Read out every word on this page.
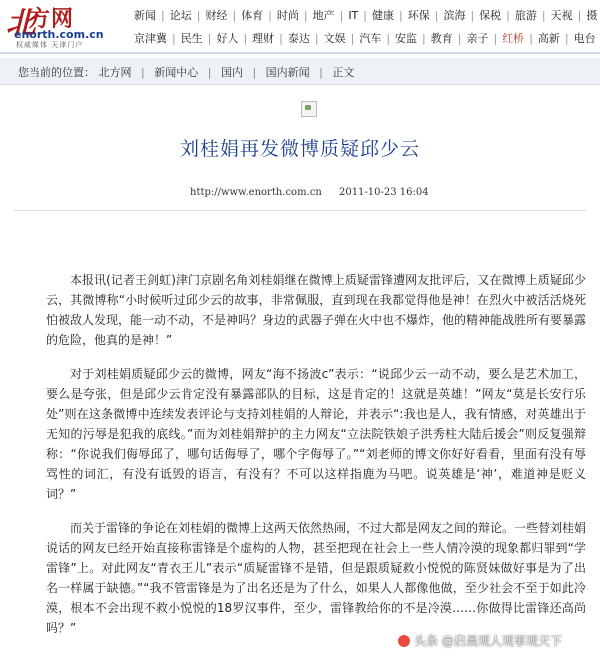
北
方网
enorth.com.cn
权威媒体 天津门户
新闻 | 论坛 | 财经 | 体育 | 时尚 | 地产 | IT | 健康 | 环保 | 滨海 | 保税 | 旅游 | 天视 | 摄
京津冀 | 民生 | 好人 | 理财 | 泰达 | 文娱 | 汽车 | 安监 | 教育 | 亲子 | 红桥 | 高新 | 电台
您当前的位置： 北方网 | 新闻中心 | 国内 | 国内新闻 | 正文
刘桂娟再发微博质疑邱少云
http://www.enorth.com.cn 2011-10-23 16:04

本报讯(记者王剑虹)津门京剧名角刘桂娟继在微博上质疑雷锋遭网友批评后，又在微博上质疑邱少云，其微博称“小时候听过邱少云的故事，非常佩服，直到现在我都觉得他是神！在烈火中被活活烧死怕被敌人发现，能一动不动，不是神吗？身边的武器子弹在火中也不爆炸，他的精神能战胜所有要暴露的危险，他真的是神！”

对于刘桂娟质疑邱少云的微博，网友“海不扬波c”表示：“说邱少云一动不动，要么是艺术加工，要么是夸张，但是邱少云肯定没有暴露部队的目标，这是肯定的！这就是英雄！”网友“莫是长安行乐处”则在这条微博中连续发表评论与支持刘桂娟的人辩论，并表示“:我也是人，我有情感，对英雄出于无知的污辱是犯我的底线。”而为刘桂娟辩护的主力网友“立法院铁娘子洪秀柱大陆后援会”则反复强辩称：“你说我们侮辱邱了，哪句话侮辱了，哪个字侮辱了。”“刘老师的博文你好好看看，里面有没有辱骂性的词汇，有没有诋毁的语言，有没有？不可以这样指鹿为马吧。说英雄是‘神’，难道神是贬义词？”

而关于雷锋的争论在刘桂娟的微博上这两天依然热闹，不过大都是网友之间的辩论。一些替刘桂娟说话的网友已经开始直接称雷锋是个虚构的人物，甚至把现在社会上一些人情冷漠的现象都归罪到“学雷锋”上。对此网友“青衣王儿”表示“质疑雷锋不是错，但是跟质疑救小悦悦的陈贤妹做好事是为了出名一样属于缺德。”“我不管雷锋是为了出名还是为了什么，如果人人都像他做，至少社会不至于如此冷漠，根本不会出现不救小悦悦的18罗汉事件，至少，雷锋教给你的不是冷漠……你做得比雷锋还高尚吗？”

头条 @启晨观人观事观天下
